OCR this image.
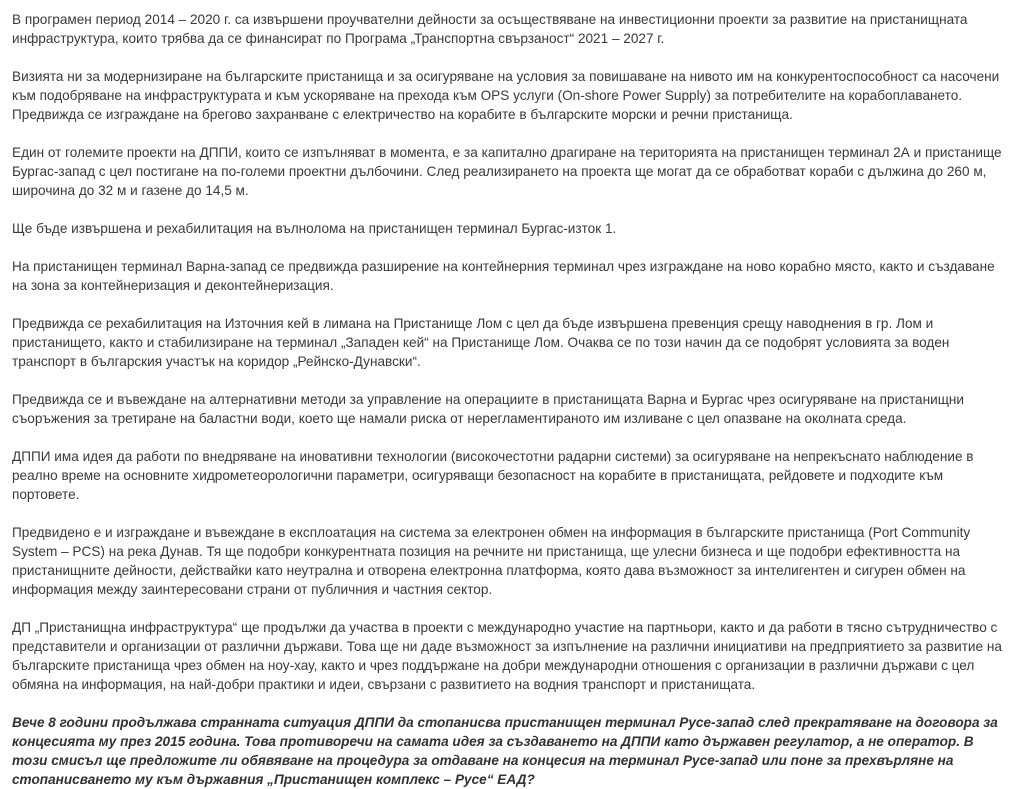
В програмен период 2014 – 2020 г. са извършени проучвателни дейности за осъществяване на инвестиционни проекти за развитие на пристанищната инфраструктура, които трябва да се финансират по Програма „Транспортна свързаност“ 2021 – 2027 г.

Визията ни за модернизиране на българските пристанища и за осигуряване на условия за повишаване на нивото им на конкурентоспособност са насочени към подобряване на инфраструктурата и към ускоряване на прехода към OPS услуги (On-shore Power Supply) за потребителите на корабоплаването. Предвижда се изграждане на брегово захранване с електричество на корабите в българските морски и речни пристанища.

Един от големите проекти на ДППИ, които се изпълняват в момента, е за капитално драгиране на територията на пристанищен терминал 2А и пристанище Бургас-запад с цел постигане на по-големи проектни дълбочини. След реализирането на проекта ще могат да се обработват кораби с дължина до 260 м, широчина до 32 м и газене до 14,5 м.

Ще бъде извършена и рехабилитация на вълнолома на пристанищен терминал Бургас-изток 1.

На пристанищен терминал Варна-запад се предвижда разширение на контейнерния терминал чрез изграждане на ново корабно място, както и създаване на зона за контейнеризация и деконтейнеризация.

Предвижда се рехабилитация на Източния кей в лимана на Пристанище Лом с цел да бъде извършена превенция срещу наводнения в гр. Лом и пристанището, както и стабилизиране на терминал „Западен кей“ на Пристанище Лом. Очаква се по този начин да се подобрят условията за воден транспорт в българския участък на коридор „Рейнско-Дунавски“.

Предвижда се и въвеждане на алтернативни методи за управление на операциите в пристанищата Варна и Бургас чрез осигуряване на пристанищни съоръжения за третиране на баластни води, което ще намали риска от нерегламентираното им изливане с цел опазване на околната среда.

ДППИ има идея да работи по внедряване на иновативни технологии (високочестотни радарни системи) за осигуряване на непрекъснато наблюдение в реално време на основните хидрометеорологични параметри, осигуряващи безопасност на корабите в пристанищата, рейдовете и подходите към портовете.

Предвидено е и изграждане и въвеждане в експлоатация на система за електронен обмен на информация в българските пристанища (Port Community System – PCS) на река Дунав. Тя ще подобри конкурентната позиция на речните ни пристанища, ще улесни бизнеса и ще подобри ефективността на пристанищните дейности, действайки като неутрална и отворена електронна платформа, която дава възможност за интелигентен и сигурен обмен на информация между заинтересовани страни от публичния и частния сектор.

ДП „Пристанищна инфраструктура“ ще продължи да участва в проекти с международно участие на партньори, както и да работи в тясно сътрудничество с представители и организации от различни държави. Това ще ни даде възможност за изпълнение на различни инициативи на предприятието за развитие на българските пристанища чрез обмен на ноу-хау, както и чрез поддържане на добри международни отношения с организации в различни държави с цел обмяна на информация, на най-добри практики и идеи, свързани с развитието на водния транспорт и пристанищата.

Вече 8 години продължава странната ситуация ДППИ да стопанисва пристанищен терминал Русе-запад след прекратяване на договора за концесията му през 2015 година. Това противоречи на самата идея за създаването на ДППИ като държавен регулатор, а не оператор. В този смисъл ще предложите ли обявяване на процедура за отдаване на концесия на терминал Русе-запад или поне за прехвърляне на стопанисването му към държавния „Пристанищен комплекс – Русе“ ЕАД?
